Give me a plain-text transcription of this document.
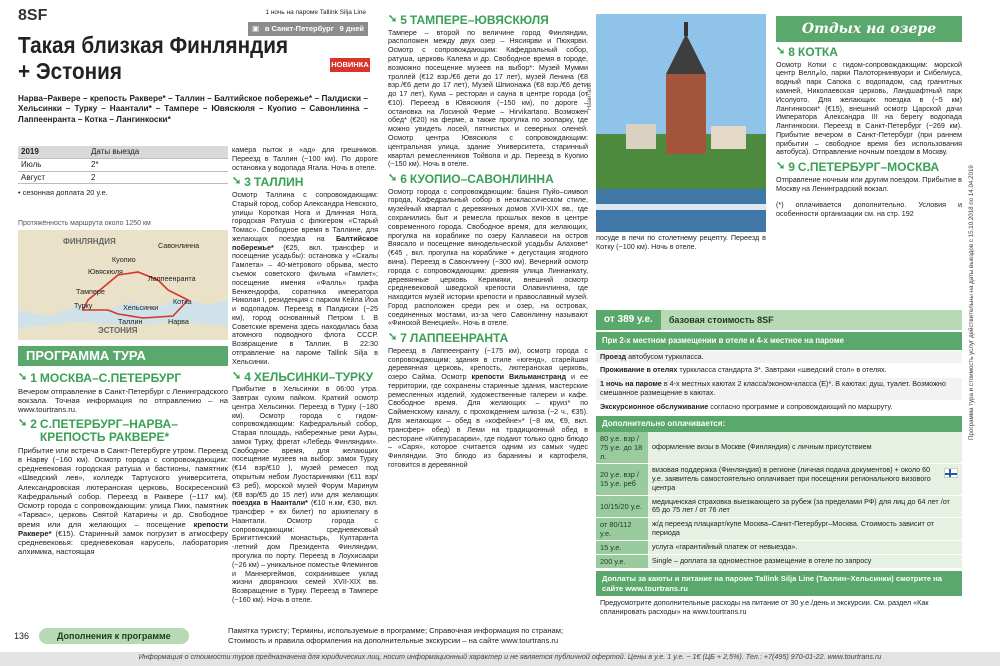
8SF	1 ночь на пароме Tallink Silja Line
▣ в Санкт-Петербург 9 дней
Такая близкая Финляндия
+ Эстония	НОВИНКА
Нарва–Раквере – крепость Раквере* – Таллин – Балтийское побережье* – Палдиски – Хельсинки – Турку – Наантали* – Тампере – Ювяскюля – Куопио – Савонлинна – Лаппеенранта – Котка – Лангинкоски*
2019	Даты выезда
Июль	2*
Август	2
• сезонная доплата 20 у.е.
Протяжённость маршрута около 1250 км
ФИНЛЯНДИЯ
ЭСТОНИЯ
Савонлинна
Куопио
Ювяскюля
Лаппеенранта
Тампере
Котка
Турку	Хельсинки
Таллин	Нарва
ПРОГРАММА ТУРА
➘ 1 МОСКВА–С.ПЕТЕРБУРГ
Вечером отправление в Санкт-Петербург с Ленинградского вокзала. Точная информация по отправлению – на www.tourtrans.ru.
➘ 2 С.ПЕТЕРБУРГ–НАРВА–КРЕПОСТЬ РАКВЕРЕ*
Прибытие или встреча в Санкт-Петербурге утром. Переезд в Нарву (~160 км). Осмотр города с сопровождающим: средневековая городская ратуша и бастионы, памятник «Шведский лев», колледж Тартуского университета, Александровская лютеранская церковь, Воскресенский Кафедральный собор. Переезд в Раквере (~117 км). Осмотр города с сопровождающим: улица Пикк, памятник «Тарвас», церковь Святой Катарины и др. Свободное время или для желающих – посещение крепости Раквере* (€15). Старинный замок погрузит в атмосферу средневековья: средневековая карусель, лаборатория алхимика, настоящая
камера пыток и «ад» для грешников. Переезд в Таллин (~100 км). По дороге остановка у водопада Ягала. Ночь в отеле.
➘ 3 ТАЛЛИН
Осмотр Таллина с сопровождающим: Старый город, собор Александра Невского, улицы Короткая Нога и Длинная Нога, городская Ратуша с флюгером «Старый Томас». Свободное время в Таллине, для желающих поездка на Балтийское побережье* (€25, вкл. трансфер и посещение усадьбы): остановка у «Скалы Гамлета» – 40-метрового обрыва, место съемок советского фильма «Гамлет»; посещение имения «Фалль» графа Бенкендорфа, соратника императора Николая I, резиденция с парком Кейла Йоа и водопадом. Переезд в Палдиски (~25 км), город основанный Петром I. В Советские времена здесь находилась база атомного подводного флота СССР. Возвращение в Таллин. В 22:30 отправление на пароме Tallink Silja в Хельсинки.
➘ 4 ХЕЛЬСИНКИ–ТУРКУ
Прибытие в Хельсинки в 06:00 утра. Завтрак сухим пайком. Краткий осмотр центра Хельсинки. Переезд в Турку (~180 км). Осмотр города с гидом-сопровождающим: Кафедральный собор, Старая площадь, набережные реки Ауры, замок Турку, фрегат «Лебедь Финляндии». Свободное время, для желающих посещение музеев на выбор: замок Турку (€14 взр/€10 ), музей ремесел под открытым небом Луостаринмяки (€11 взр/€3 реб), морской музей Форум Маринум (€8 взр/€5 до 15 лет) или для желающих поездка в Наантали* (€10 н.км, €30, вкл. трансфер + вх билет) по архипелагу в Наантали. Осмотр города с сопровождающим: средневековый Бригиттинский монастырь, Култаранта -летний дом Президента Финляндии, прогулка по порту. Переезд в Лоухисаари (~26 км) – уникальное поместье Флемингов и Маннергеймов, сохранившее уклад жизни дворянских семей XVII-XIX вв. Возвращение в Турку. Переезд в Тампере (~160 км). Ночь в отеле.
➘ 5 ТАМПЕРЕ–ЮВЯСКЮЛЯ
Тампере – второй по величине город Финляндии, расположен между двух озер – Нясиярви и Пюхярви. Осмотр с сопровождающим: Кафедральный собор, ратуша, церковь Калева и др. Свободное время в городе, возможно посещение музеев на выбор*: Музей Мумми троллей (€12 взр./€6 дети до 17 лет), музей Ленина (€8 взр./€6 дети до 17 лет), Музей Шпионажа (€8 взр./€6 дети до 17 лет), Кума – ресторан и сауна в центре города (от €10). Переезд в Ювяскюля (~150 км), по дороге – остановка на Лосиной Ферме – Hirvikartano. Возможен обед* (€20) на ферме, а также прогулка по зоопарку, где можно увидеть лосей, пятнистых и северных оленей. Осмотр центра Ювяскюля с сопровождающим: центральная улица, здание Университета, старинный квартал ремесленников Тойвола и др. Переезд в Куопио (~150 км). Ночь в отеле.
➘ 6 КУОПИО–САВОНЛИННА
Осмотр города с сопровождающим: башня Пуйо–символ города, Кафедральный собор в неоклассическом стиле, музейный квартал с деревянных домов XVII-XIX вв., где сохранились быт и ремесла прошлых веков в центре современного города. Свободное время, для желающих, прогулка на кораблике по озеру Каллавеси на остров Вяясало и посещение винодельческой усадьбы Алахове* (€45 , вкл. прогулка на кораблике + дегустация ягодного вина). Переезд в Савонлинну (~300 км). Вечерний осмотр города с сопровождающим: древняя улица Линнанкату, деревянные церковь Керимяки, внешний осмотр средневековой шведской крепости Олавинлинна, где находится музей истории крепости и православный музей. Город расположен среди рек и озер, на островах, соединенных мостами, из-за чего Савонлинну называют «Финской Венецией». Ночь в отеле.
➘ 7 ЛАППЕЕНРАНТА
Переезд в Лаппеенранту (~175 км), осмотр города с сопровождающим: здания в стиле «югенд», старейшая деревянная церковь, крепость, лютеранская церковь, озеро Сайма. Осмотр крепости Вильманстранд и ее территории, где сохранены старинные здания, мастерские ремесленных изделий, художественные галереи и кафе. Свободное время. Для желающих – круиз* по Сайменскому каналу, с прохождением шлюза (~2 ч., €35). Для желающих – обед в «кофейне»* (~8 км, €9, вкл. трансфер+ обед) в Леми на традиционный обед в ресторане «Киппурасарви», где подают только одно блюдо – «Саря», которое считается одним из самых чудес Финляндии. Это блюдо из баранины и картофеля, готовится в деревянной
Наантали
посуде в печи по столетнему рецепту. Переезд в Котку (~100 км). Ночь в отеле.
Отдых на озере
➘ 8 КОТКА
Осмотр Котки с гидом-сопровождающим: морской центр Веллامо, парки Палоторнинвуори и Сибелиуса, водный парк Сапока с водопадом, сад гранитных камней, Николаевская церковь, Ландшафтный парк Исолуото. Для желающих поездка в (~5 км) Лангинкоски* (€15), внешний осмотр Царской дачи Императора Александра III на берегу водопада Лангинкоски. Переезд в Санкт-Петербург (~269 км). Прибытие вечером в Санкт-Петербург (при раннем прибытии – свободное время без использования автобуса). Отправление ночным поездом в Москву.
➘ 9 С.ПЕТЕРБУРГ–МОСКВА
Отправление ночным или другим поездом. Прибытие в Москву на Ленинградский вокзал.
(*) оплачивается дополнительно. Условия и особенности организации см. на стр. 192	Программа тура и стоимость услуг действительны на даты выездов с 15.10.2018 по 14.04.2019
от 389 у.е.	базовая стоимость 8SF
При 2-х местном размещении в отеле и 4-х местное на пароме
Проезд автобусом турккласса.
Проживание в отелях турккласса стандарта 3*. Завтраки «шведский стол» в отелях.
1 ночь на пароме в 4-х местных каютах 2 класса/эконом-класса (E)*. В каютах: душ, туалет. Возможно смешанное размещение в каютах.
Экскурсионное обслуживание согласно программе и сопровождающий по маршруту.
Дополнительно оплачивается:
80 у.е. взр / 75 у.е. до 18 л.	оформление визы в Москве (Финляндия) с личным присутствием
20 у.е. взр / 15 у.е. реб	визовая поддержка (Финляндия) в регионе (личная подача документов) + около 60 у.е. заявитель самостоятельно оплачивает при посещении регионального визового центра

10/15/20 у.е.	медицинская страховка выезжающего за рубеж (за пределами РФ) для лиц до 64 лет /от 65 до 75 лет / от 76 лет
от 80/112 у.е.	ж/д переезд плацкарт/купе Москва–Санкт-Петербург–Москва. Стоимость зависит от периода
15 у.е.	услуга «гарантийный платеж от невыезда».
200 у.е.	Single – доплата за одноместное размещение в отеле по запросу
Доплаты за каюты и питание на пароме Tallink Silja Line (Таллин–Хельсинки) смотрите на сайте www.tourtrans.ru
Предусмотрите дополнительные расходы на питание от 30 у.е./день и экскурсии. См. раздел «Как спланировать расходы» на www.tourtrans.ru
136	Дополнения к программе
Памятка туристу; Термины, используемые в программе; Справочная информация по странам;
Стоимость и правила оформления на дополнительные экскурсии – на сайте www.tourtrans.ru
Информация о стоимости туров предназначена для юридических лиц, носит информационный характер и не является публичной офертой. Цены в у.е. 1 у.е. ~ 1€ (ЦБ + 2,5%). Тел.: +7(495) 970-01-22. www.tourtrans.ru
